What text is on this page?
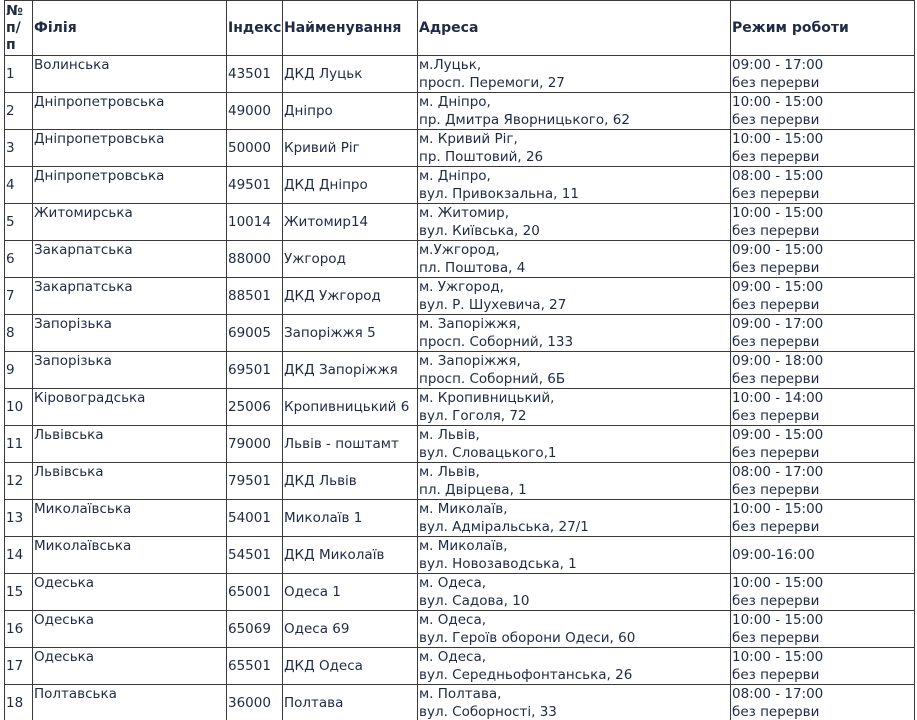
№ п/ п	Філія	Індекс	Найменування	Адреса	Режим роботи
1	Волинська	43501	ДКД Луцьк	м.Луцьк,
просп. Перемоги, 27	09:00 - 17:00
без перерви

2	Дніпропетровська	49000	Дніпро	м. Дніпро,
пр. Дмитра Яворницького, 62	10:00 - 15:00
без перерви

3	Дніпропетровська	50000	Кривий Ріг	м. Кривий Ріг,
пр. Поштовий, 26	10:00 - 15:00
без перерви

4	Дніпропетровська	49501	ДКД Дніпро	м. Дніпро,
вул. Привокзальна, 11	08:00 - 15:00
без перерви

5	Житомирська	10014	Житомир14	м. Житомир,
вул. Київська, 20	10:00 - 15:00
без перерви

6	Закарпатська	88000	Ужгород	м.Ужгород,
пл. Поштова, 4	09:00 - 15:00
без перерви

7	Закарпатська	88501	ДКД Ужгород	м. Ужгород,
вул. Р. Шухевича, 27	09:00 - 15:00
без перерви

8	Запорізька	69005	Запоріжжя 5	м. Запоріжжя,
просп. Соборний, 133	09:00 - 17:00
без перерви

9	Запорізька	69501	ДКД Запоріжжя	м. Запоріжжя,
просп. Соборний, 6Б	09:00 - 18:00
без перерви

10	Кіровоградська	25006	Кропивницький 6	м. Кропивницький,
вул. Гоголя, 72	10:00 - 14:00
без перерви

11	Львівська	79000	Львів - поштамт	м. Львів,
вул. Словацького,1	09:00 - 15:00
без перерви

12	Львівська	79501	ДКД Львів	м. Львів,
пл. Двірцева, 1	08:00 - 17:00
без перерви

13	Миколаївська	54001	Миколаїв 1	м. Миколаїв,
вул. Адміральська, 27/1	10:00 - 15:00
без перерви

14	Миколаївська	54501	ДКД Миколаїв	м. Миколаїв,
вул. Новозаводська, 1	09:00-16:00

15	Одеська	65001	Одеса 1	м. Одеса,
вул. Садова, 10	10:00 - 15:00
без перерви

16	Одеська	65069	Одеса 69	м. Одеса,
вул. Героїв оборони Одеси, 60	10:00 - 15:00
без перерви

17	Одеська	65501	ДКД Одеса	м. Одеса,
вул. Середньофонтанська, 26	10:00 - 15:00
без перерви

18	Полтавська	36000	Полтава	м. Полтава,
вул. Соборності, 33	08:00 - 17:00
без перерви
